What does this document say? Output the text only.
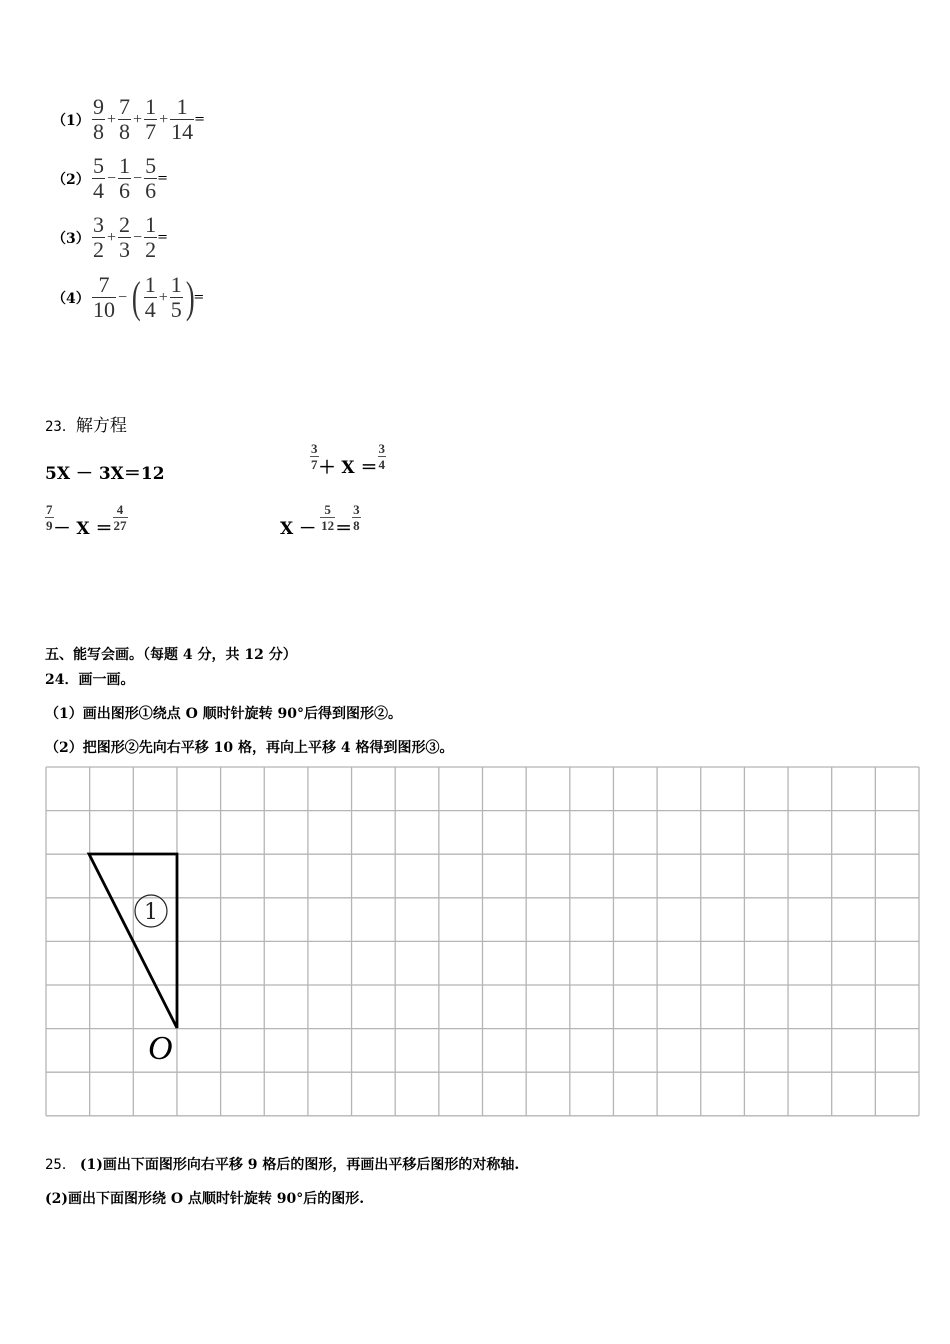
$(1) \frac{9}{8} + \frac{7}{8} + \frac{1}{7} + \frac{1}{14}$ =
$(2) \frac{5}{4} - \frac{1}{6} - \frac{5}{6}$ =
$(3) \frac{3}{2} + \frac{2}{3} - \frac{1}{2}$ =
$(4) \frac{7}{10}$ − ( $\frac{1}{4} + \frac{1}{5}$ )=
23．解方程
5X － 3X＝12
$\frac{3}{7} + X = \frac{3}{4}$
$\frac{7}{9} - X = \frac{4}{27}$	$X - \frac{5}{12} = \frac{3}{8}$
五、能写会画。（每题 4 分，共 12 分）
24．画一画。
（1）画出图形①绕点 O 顺时针旋转 90°后得到图形②。
（2）把图形②先向右平移 10 格，再向上平移 4 格得到图形③。
1
O
25． (1)画出下面图形向右平移 9 格后的图形，再画出平移后图形的对称轴.
(2)画出下面图形绕 O 点顺时针旋转 90°后的图形.
